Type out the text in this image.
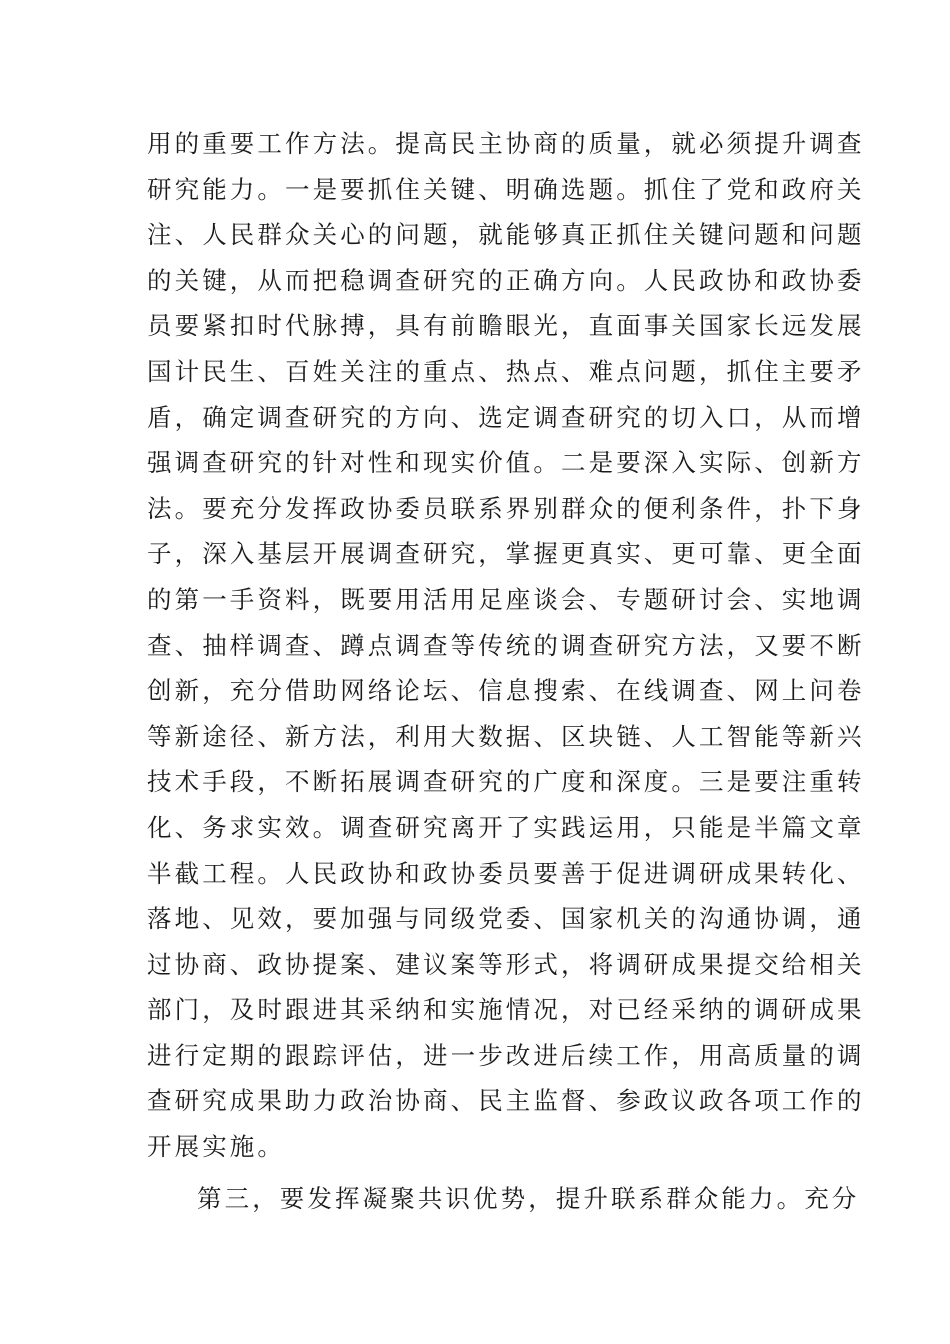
用的重要工作方法。提高民主协商的质量，就必须提升调查
研究能力。一是要抓住关键、明确选题。抓住了党和政府关
注、人民群众关心的问题，就能够真正抓住关键问题和问题
的关键，从而把稳调查研究的正确方向。人民政协和政协委
员要紧扣时代脉搏，具有前瞻眼光，直面事关国家长远发展
国计民生、百姓关注的重点、热点、难点问题，抓住主要矛
盾，确定调查研究的方向、选定调查研究的切入口，从而增
强调查研究的针对性和现实价值。二是要深入实际、创新方
法。要充分发挥政协委员联系界别群众的便利条件，扑下身
子，深入基层开展调查研究，掌握更真实、更可靠、更全面
的第一手资料，既要用活用足座谈会、专题研讨会、实地调
查、抽样调查、蹲点调查等传统的调查研究方法，又要不断
创新，充分借助网络论坛、信息搜索、在线调查、网上问卷
等新途径、新方法，利用大数据、区块链、人工智能等新兴
技术手段，不断拓展调查研究的广度和深度。三是要注重转
化、务求实效。调查研究离开了实践运用，只能是半篇文章
半截工程。人民政协和政协委员要善于促进调研成果转化、
落地、见效，要加强与同级党委、国家机关的沟通协调，通
过协商、政协提案、建议案等形式，将调研成果提交给相关
部门，及时跟进其采纳和实施情况，对已经采纳的调研成果
进行定期的跟踪评估，进一步改进后续工作，用高质量的调
查研究成果助力政治协商、民主监督、参政议政各项工作的
开展实施。
第三，要发挥凝聚共识优势，提升联系群众能力。充分
